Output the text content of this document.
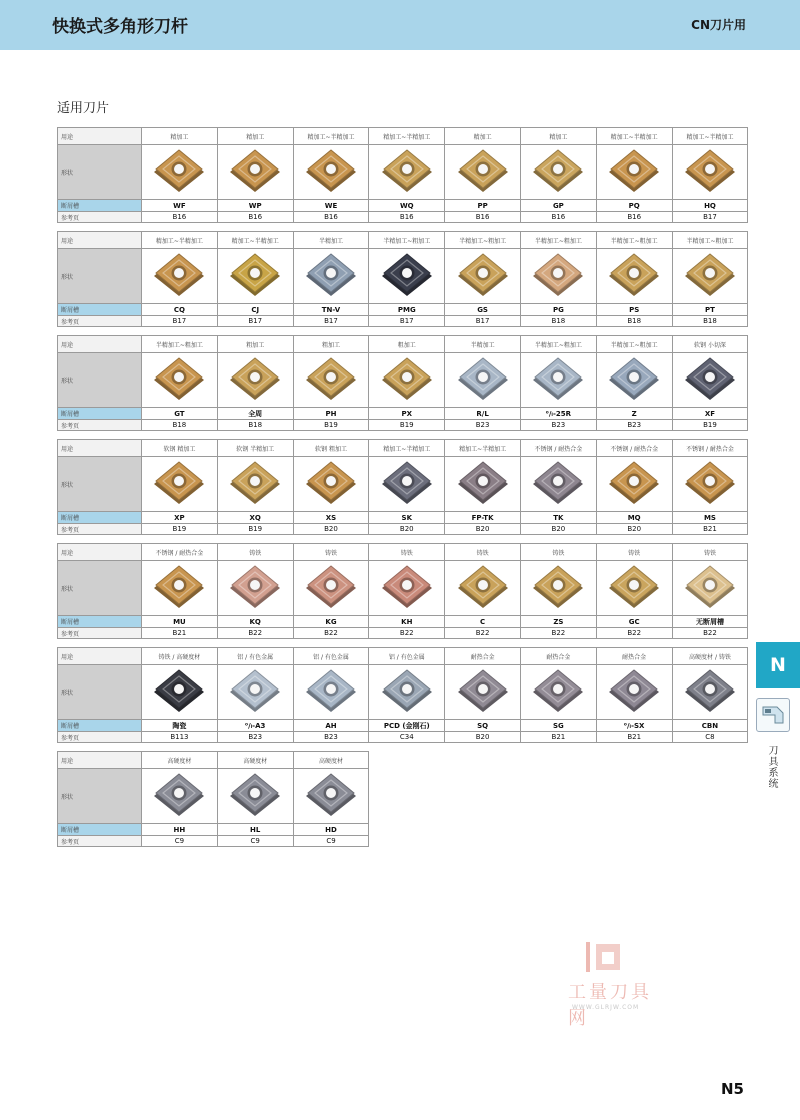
快换式多角形刀杆	CN刀片用
适用刀片
用途	精加工	精加工	精加工~半精加工	精加工~半精加工	精加工	精加工	精加工~半精加工	精加工~半精加工
形状	

断屑槽	WF	WP	WE	WQ	PP	GP	PQ	HQ
参考页	B16	B16	B16	B16	B16	B16	B16	B17
用途	精加工~半精加工	精加工~半精加工	半精加工	半精加工~粗加工	半精加工~粗加工	半精加工~粗加工	半精加工~粗加工	半精加工~粗加工
形状	

断屑槽	CQ	CJ	TN-V	PMG	GS	PG	PS	PT
参考页	B17	B17	B17	B17	B17	B18	B18	B18
用途	半精加工~粗加工	粗加工	粗加工	粗加工	半精加工	半精加工~粗加工	半精加工~粗加工	软钢 小切深
形状	

断屑槽	GT	全周	PH	PX	R/L	⁰/ₗ-25R	Z	XF
参考页	B18	B18	B19	B19	B23	B23	B23	B19
用途	软钢 精加工	软钢 半精加工	软钢 粗加工	精加工~半精加工	精加工~半精加工	不锈钢 / 耐热合金	不锈钢 / 耐热合金	不锈钢 / 耐热合金
形状	

断屑槽	XP	XQ	XS	SK	FP-TK	TK	MQ	MS
参考页	B19	B19	B20	B20	B20	B20	B20	B21
用途	不锈钢 / 耐热合金	铸铁	铸铁	铸铁	铸铁	铸铁	铸铁	铸铁
形状	

断屑槽	MU	KQ	KG	KH	C	ZS	GC	无断屑槽
参考页	B21	B22	B22	B22	B22	B22	B22	B22
用途	铸铁 / 高硬度材	铝 / 有色金属	铝 / 有色金属	铝 / 有色金属	耐热合金	耐热合金	耐热合金	高硬度材 / 铸铁
形状	

断屑槽	陶瓷	⁰/ₗ-A3	AH	PCD (金刚石)	SQ	SG	⁰/ₗ-SX	CBN
参考页	B113	B23	B23	C34	B20	B21	B21	C8
用途	高硬度材	高硬度材	高硬度材
形状	

断屑槽	HH	HL	HD
参考页	C9	C9	C9
N
刀具系统
工量刀具网
WWW.GLRJW.COM
N5
